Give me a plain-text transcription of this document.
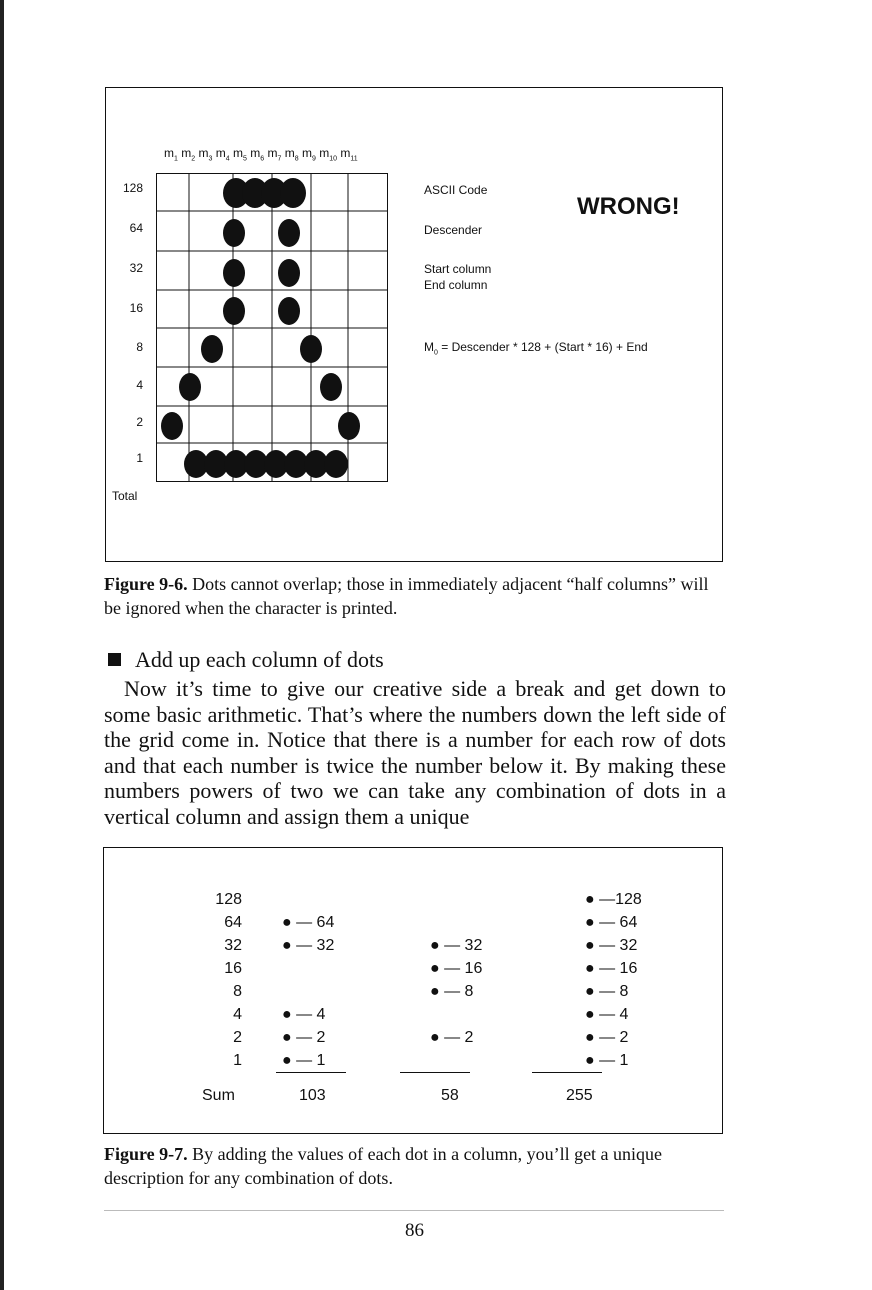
$m_1$ $m_2$ $m_3$ $m_4$ $m_5$ $m_6$ $m_7$ $m_8$ $m_9$ $m_{10}$ $m_{11}$
128
64
32
16
8
4
2
1
Total
ASCII Code
WRONG!
Descender
Start column
End column
$M_0$ = Descender * 128 + (Start * 16) + End
Figure 9-6. Dots cannot overlap; those in immediately adjacent “half columns” will be ignored when the character is printed.
Add up each column of dots

Now it’s time to give our creative side a break and get down to some basic arithmetic. That’s where the numbers down the left side of the grid come in. Notice that there is a number for each row of dots and that each number is twice the number below it. By making these numbers powers of two we can take any combination of dots in a vertical column and assign them a unique

128			● —128
64	● — 64		● — 64
32	● — 32	● — 32	● — 32
16		● — 16	● — 16
8		● — 8	● — 8
4	● — 4		● — 4
2	● — 2	● — 2	● — 2
1	● — 1		● — 1
Sum	103	58	255
Figure 9-7. By adding the values of each dot in a column, you’ll get a unique description for any combination of dots.
86
